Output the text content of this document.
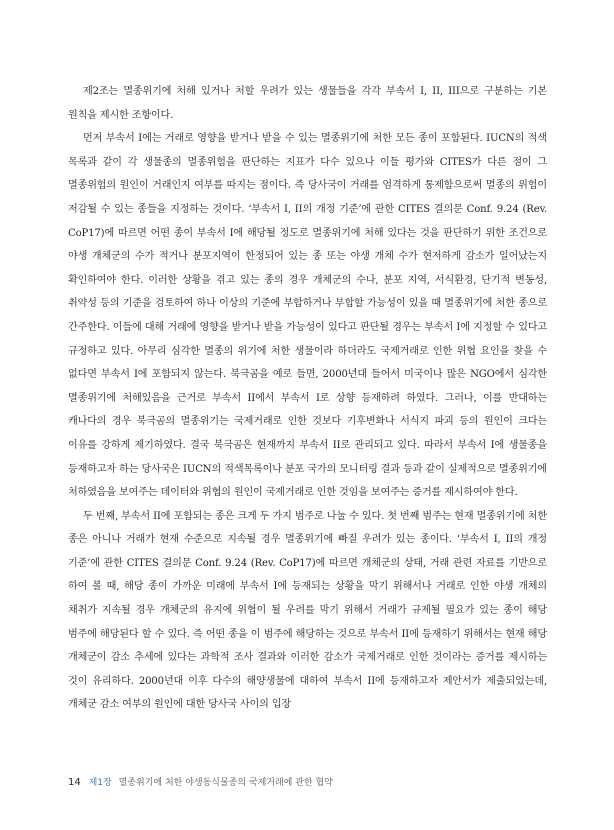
제2조는 멸종위기에 처해 있거나 처할 우려가 있는 생물들을 각각 부속서 I, II, III으로 구분하는 기본 원칙을 제시한 조항이다.

먼저 부속서 I에는 거래로 영향을 받거나 받을 수 있는 멸종위기에 처한 모든 종이 포함된다. IUCN의 적색 목록과 같이 각 생물종의 멸종위험을 판단하는 지표가 다수 있으나 이들 평가와 CITES가 다른 점이 그 멸종위험의 원인이 거래인지 여부를 따지는 점이다. 즉 당사국이 거래를 엄격하게 통제함으로써 멸종의 위험이 저감될 수 있는 종들을 지정하는 것이다. ‘부속서 I, II의 개정 기준’에 관한 CITES 결의문 Conf. 9.24 (Rev. CoP17)에 따르면 어떤 종이 부속서 I에 해당될 정도로 멸종위기에 처해 있다는 것을 판단하기 위한 조건으로 야생 개체군의 수가 적거나 분포지역이 한정되어 있는 종 또는 야생 개체 수가 현저하게 감소가 일어났는지 확인하여야 한다. 이러한 상황을 겪고 있는 종의 경우 개체군의 수나, 분포 지역, 서식환경, 단기적 변동성, 취약성 등의 기준을 검토하여 하나 이상의 기준에 부합하거나 부합할 가능성이 있을 때 멸종위기에 처한 종으로 간주한다. 이들에 대해 거래에 영향을 받거나 받을 가능성이 있다고 판단될 경우는 부속서 I에 지정할 수 있다고 규정하고 있다. 아무리 심각한 멸종의 위기에 처한 생물이라 하더라도 국제거래로 인한 위협 요인을 찾을 수 없다면 부속서 I에 포함되지 않는다. 북극곰을 예로 들면, 2000년대 들어서 미국이나 많은 NGO에서 심각한 멸종위기에 처해있음을 근거로 부속서 II에서 부속서 I로 상향 등재하려 하였다. 그러나, 이를 반대하는 캐나다의 경우 북극곰의 멸종위기는 국제거래로 인한 것보다 기후변화나 서식지 파괴 등의 원인이 크다는 이유를 강하게 제기하였다. 결국 북극곰은 현재까지 부속서 II로 관리되고 있다. 따라서 부속서 I에 생물종을 등재하고자 하는 당사국은 IUCN의 적색목록이나 분포 국가의 모니터링 결과 등과 같이 실제적으로 멸종위기에 처하였음을 보여주는 데이터와 위협의 원인이 국제거래로 인한 것임을 보여주는 증거를 제시하여야 한다.

두 번째, 부속서 II에 포함되는 종은 크게 두 가지 범주로 나눌 수 있다. 첫 번째 범주는 현재 멸종위기에 처한 종은 아니나 거래가 현재 수준으로 지속될 경우 멸종위기에 빠질 우려가 있는 종이다. ‘부속서 I, II의 개정 기준’에 관한 CITES 결의문 Conf. 9.24 (Rev. CoP17)에 따르면 개체군의 상태, 거래 관련 자료를 기반으로 하여 볼 때, 해당 종이 가까운 미래에 부속서 I에 등재되는 상황을 막기 위해서나 거래로 인한 야생 개체의 채취가 지속될 경우 개체군의 유지에 위협이 될 우려를 막기 위해서 거래가 규제될 필요가 있는 종이 해당 범주에 해당된다 할 수 있다. 즉 어떤 종을 이 범주에 해당하는 것으로 부속서 II에 등재하기 위해서는 현재 해당 개체군이 감소 추세에 있다는 과학적 조사 결과와 이러한 감소가 국제거래로 인한 것이라는 증거를 제시하는 것이 유리하다. 2000년대 이후 다수의 해양생물에 대하여 부속서 II에 등재하고자 제안서가 제출되었는데, 개체군 감소 여부의 원인에 대한 당사국 사이의 입장

14 제1장 멸종위기에 처한 야생동식물종의 국제거래에 관한 협약
